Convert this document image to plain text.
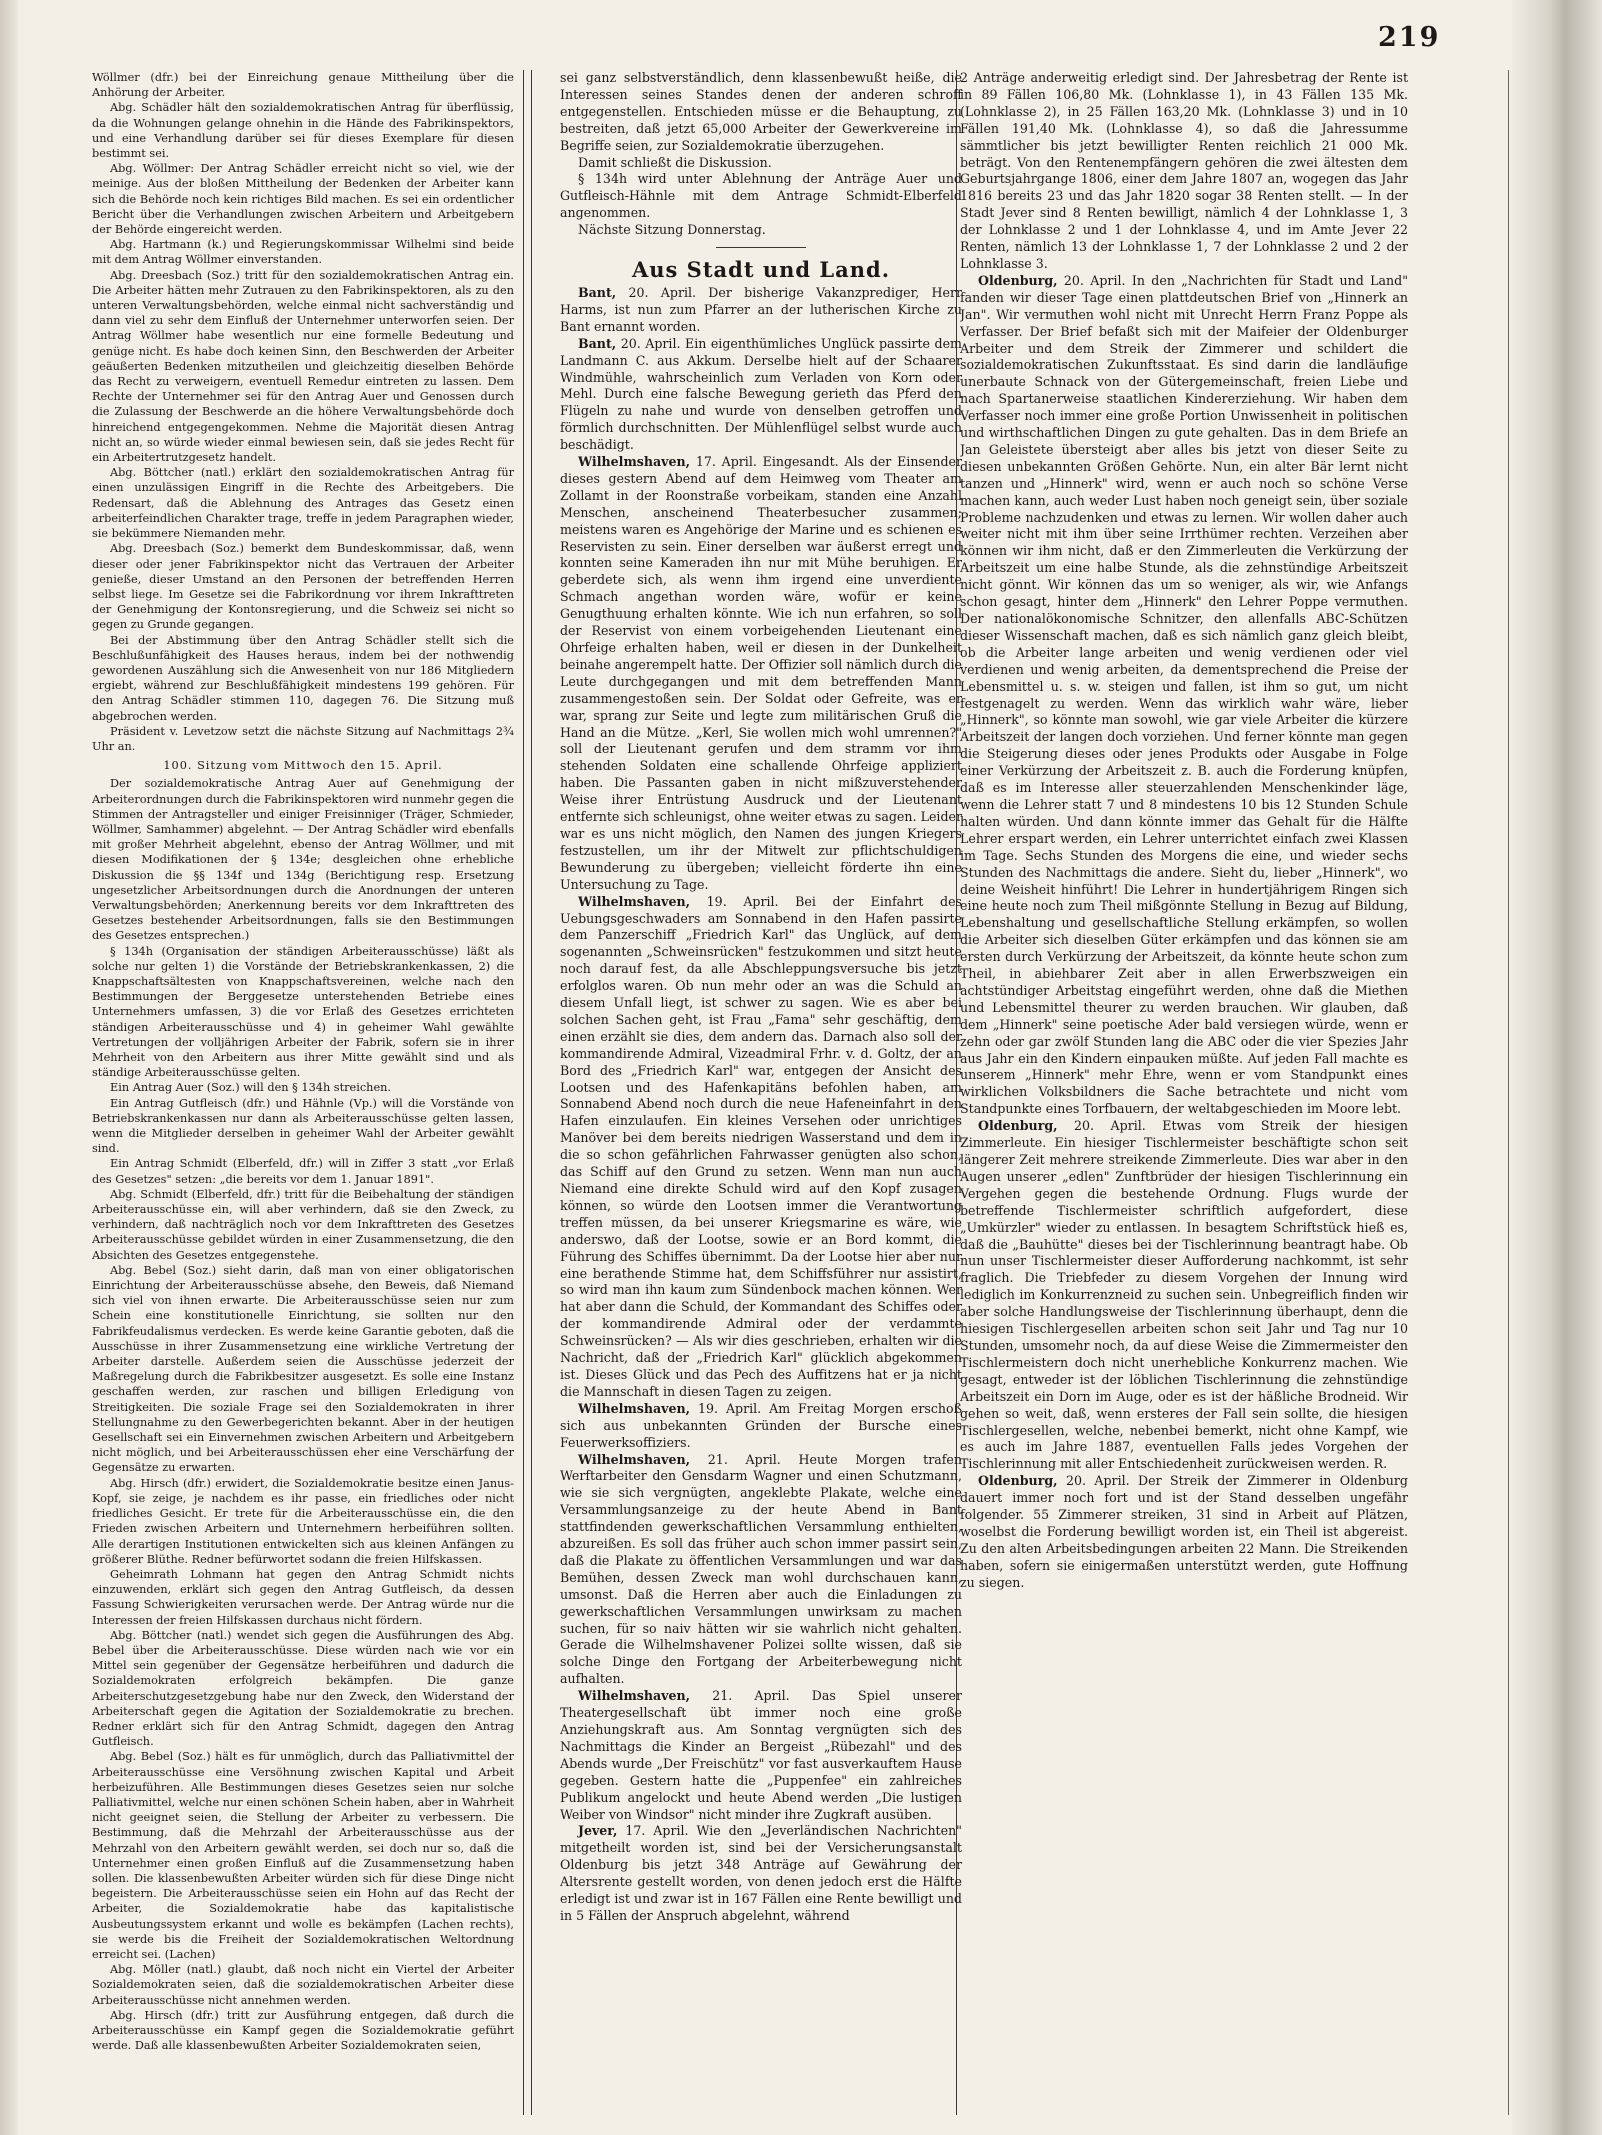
219

Wöllmer (dfr.) bei der Einreichung genaue Mittheilung über die Anhörung der Arbeiter.

Abg. Schädler hält den sozialdemokratischen Antrag für überflüssig, da die Wohnungen gelange ohnehin in die Hände des Fabrikinspektors, und eine Verhandlung darüber sei für dieses Exemplare für diesen bestimmt sei.

Abg. Wöllmer: Der Antrag Schädler erreicht nicht so viel, wie der meinige. Aus der bloßen Mittheilung der Bedenken der Arbeiter kann sich die Behörde noch kein richtiges Bild machen. Es sei ein ordentlicher Bericht über die Verhandlungen zwischen Arbeitern und Arbeitgebern der Behörde eingereicht werden.

Abg. Hartmann (k.) und Regierungskommissar Wilhelmi sind beide mit dem Antrag Wöllmer einverstanden.

Abg. Dreesbach (Soz.) tritt für den sozialdemokratischen Antrag ein. Die Arbeiter hätten mehr Zutrauen zu den Fabrikinspektoren, als zu den unteren Verwaltungsbehörden, welche einmal nicht sachverständig und dann viel zu sehr dem Einfluß der Unternehmer unterworfen seien. Der Antrag Wöllmer habe wesentlich nur eine formelle Bedeutung und genüge nicht. Es habe doch keinen Sinn, den Beschwerden der Arbeiter geäußerten Bedenken mitzutheilen und gleichzeitig dieselben Behörde das Recht zu verweigern, eventuell Remedur eintreten zu lassen. Dem Rechte der Unternehmer sei für den Antrag Auer und Genossen durch die Zulassung der Beschwerde an die höhere Verwaltungsbehörde doch hinreichend entgegengekommen. Nehme die Majorität diesen Antrag nicht an, so würde wieder einmal bewiesen sein, daß sie jedes Recht für ein Arbeitertrutzgesetz handelt.

Abg. Böttcher (natl.) erklärt den sozialdemokratischen Antrag für einen unzulässigen Eingriff in die Rechte des Arbeitgebers. Die Redensart, daß die Ablehnung des Antrages das Gesetz einen arbeiterfeindlichen Charakter trage, treffe in jedem Paragraphen wieder, sie bekümmere Niemanden mehr.

Abg. Dreesbach (Soz.) bemerkt dem Bundeskommissar, daß, wenn dieser oder jener Fabrikinspektor nicht das Vertrauen der Arbeiter genieße, dieser Umstand an den Personen der betreffenden Herren selbst liege. Im Gesetze sei die Fabrikordnung vor ihrem Inkrafttreten der Genehmigung der Kontonsregierung, und die Schweiz sei nicht so gegen zu Grunde gegangen.

Bei der Abstimmung über den Antrag Schädler stellt sich die Beschlußunfähigkeit des Hauses heraus, indem bei der nothwendig gewordenen Auszählung sich die Anwesenheit von nur 186 Mitgliedern ergiebt, während zur Beschlußfähigkeit mindestens 199 gehören. Für den Antrag Schädler stimmen 110, dagegen 76. Die Sitzung muß abgebrochen werden.

Präsident v. Levetzow setzt die nächste Sitzung auf Nachmittags 2¾ Uhr an.

100. Sitzung vom Mittwoch den 15. April.

Der sozialdemokratische Antrag Auer auf Genehmigung der Arbeiterordnungen durch die Fabrikinspektoren wird nunmehr gegen die Stimmen der Antragsteller und einiger Freisinniger (Träger, Schmieder, Wöllmer, Samhammer) abgelehnt. — Der Antrag Schädler wird ebenfalls mit großer Mehrheit abgelehnt, ebenso der Antrag Wöllmer, und mit diesen Modifikationen der § 134e; desgleichen ohne erhebliche Diskussion die §§ 134f und 134g (Berichtigung resp. Ersetzung ungesetzlicher Arbeitsordnungen durch die Anordnungen der unteren Verwaltungsbehörden; Anerkennung bereits vor dem Inkrafttreten des Gesetzes bestehender Arbeitsordnungen, falls sie den Bestimmungen des Gesetzes entsprechen.)

§ 134h (Organisation der ständigen Arbeiterausschüsse) läßt als solche nur gelten 1) die Vorstände der Betriebskrankenkassen, 2) die Knappschaftsältesten von Knappschaftsvereinen, welche nach den Bestimmungen der Berggesetze unterstehenden Betriebe eines Unternehmers umfassen, 3) die vor Erlaß des Gesetzes errichteten ständigen Arbeiterausschüsse und 4) in geheimer Wahl gewählte Vertretungen der volljährigen Arbeiter der Fabrik, sofern sie in ihrer Mehrheit von den Arbeitern aus ihrer Mitte gewählt sind und als ständige Arbeiterausschüsse gelten.

Ein Antrag Auer (Soz.) will den § 134h streichen.

Ein Antrag Gutfleisch (dfr.) und Hähnle (Vp.) will die Vorstände von Betriebskrankenkassen nur dann als Arbeiterausschüsse gelten lassen, wenn die Mitglieder derselben in geheimer Wahl der Arbeiter gewählt sind.

Ein Antrag Schmidt (Elberfeld, dfr.) will in Ziffer 3 statt „vor Erlaß des Gesetzes" setzen: „die bereits vor dem 1. Januar 1891".

Abg. Schmidt (Elberfeld, dfr.) tritt für die Beibehaltung der ständigen Arbeiterausschüsse ein, will aber verhindern, daß sie den Zweck, zu verhindern, daß nachträglich noch vor dem Inkrafttreten des Gesetzes Arbeiterausschüsse gebildet würden in einer Zusammensetzung, die den Absichten des Gesetzes entgegenstehe.

Abg. Bebel (Soz.) sieht darin, daß man von einer obligatorischen Einrichtung der Arbeiterausschüsse absehe, den Beweis, daß Niemand sich viel von ihnen erwarte. Die Arbeiterausschüsse seien nur zum Schein eine konstitutionelle Einrichtung, sie sollten nur den Fabrikfeudalismus verdecken. Es werde keine Garantie geboten, daß die Ausschüsse in ihrer Zusammensetzung eine wirkliche Vertretung der Arbeiter darstelle. Außerdem seien die Ausschüsse jederzeit der Maßregelung durch die Fabrikbesitzer ausgesetzt. Es solle eine Instanz geschaffen werden, zur raschen und billigen Erledigung von Streitigkeiten. Die soziale Frage sei den Sozialdemokraten in ihrer Stellungnahme zu den Gewerbegerichten bekannt. Aber in der heutigen Gesellschaft sei ein Einvernehmen zwischen Arbeitern und Arbeitgebern nicht möglich, und bei Arbeiterausschüssen eher eine Verschärfung der Gegensätze zu erwarten.

Abg. Hirsch (dfr.) erwidert, die Sozialdemokratie besitze einen Janus-Kopf, sie zeige, je nachdem es ihr passe, ein friedliches oder nicht friedliches Gesicht. Er trete für die Arbeiterausschüsse ein, die den Frieden zwischen Arbeitern und Unternehmern herbeiführen sollten. Alle derartigen Institutionen entwickelten sich aus kleinen Anfängen zu größerer Blüthe. Redner befürwortet sodann die freien Hilfskassen.

Geheimrath Lohmann hat gegen den Antrag Schmidt nichts einzuwenden, erklärt sich gegen den Antrag Gutfleisch, da dessen Fassung Schwierigkeiten verursachen werde. Der Antrag würde nur die Interessen der freien Hilfskassen durchaus nicht fördern.

Abg. Böttcher (natl.) wendet sich gegen die Ausführungen des Abg. Bebel über die Arbeiterausschüsse. Diese würden nach wie vor ein Mittel sein gegenüber der Gegensätze herbeiführen und dadurch die Sozialdemokraten erfolgreich bekämpfen. Die ganze Arbeiterschutzgesetzgebung habe nur den Zweck, den Widerstand der Arbeiterschaft gegen die Agitation der Sozialdemokratie zu brechen. Redner erklärt sich für den Antrag Schmidt, dagegen den Antrag Gutfleisch.

Abg. Bebel (Soz.) hält es für unmöglich, durch das Palliativmittel der Arbeiterausschüsse eine Versöhnung zwischen Kapital und Arbeit herbeizuführen. Alle Bestimmungen dieses Gesetzes seien nur solche Palliativmittel, welche nur einen schönen Schein haben, aber in Wahrheit nicht geeignet seien, die Stellung der Arbeiter zu verbessern. Die Bestimmung, daß die Mehrzahl der Arbeiterausschüsse aus der Mehrzahl von den Arbeitern gewählt werden, sei doch nur so, daß die Unternehmer einen großen Einfluß auf die Zusammensetzung haben sollen. Die klassenbewußten Arbeiter würden sich für diese Dinge nicht begeistern. Die Arbeiterausschüsse seien ein Hohn auf das Recht der Arbeiter, die Sozialdemokratie habe das kapitalistische Ausbeutungssystem erkannt und wolle es bekämpfen (Lachen rechts), sie werde bis die Freiheit der Sozialdemokratischen Weltordnung erreicht sei. (Lachen)

Abg. Möller (natl.) glaubt, daß noch nicht ein Viertel der Arbeiter Sozialdemokraten seien, daß die sozialdemokratischen Arbeiter diese Arbeiterausschüsse nicht annehmen werden.

Abg. Hirsch (dfr.) tritt zur Ausführung entgegen, daß durch die Arbeiterausschüsse ein Kampf gegen die Sozialdemokratie geführt werde. Daß alle klassenbewußten Arbeiter Sozialdemokraten seien,

sei ganz selbstverständlich, denn klassenbewußt heiße, die Interessen seines Standes denen der anderen schroff entgegenstellen. Entschieden müsse er die Behauptung, zu bestreiten, daß jetzt 65,000 Arbeiter der Gewerkvereine im Begriffe seien, zur Sozialdemokratie überzugehen.

Damit schließt die Diskussion.

§ 134h wird unter Ablehnung der Anträge Auer und Gutfleisch-Hähnle mit dem Antrage Schmidt-Elberfeld angenommen.

Nächste Sitzung Donnerstag.

Aus Stadt und Land.

Bant, 20. April. Der bisherige Vakanzprediger, Herr Harms, ist nun zum Pfarrer an der lutherischen Kirche zu Bant ernannt worden.

Bant, 20. April. Ein eigenthümliches Unglück passirte dem Landmann C. aus Akkum. Derselbe hielt auf der Schaarer Windmühle, wahrscheinlich zum Verladen von Korn oder Mehl. Durch eine falsche Bewegung gerieth das Pferd den Flügeln zu nahe und wurde von denselben getroffen und förmlich durchschnitten. Der Mühlenflügel selbst wurde auch beschädigt.

Wilhelmshaven, 17. April. Eingesandt. Als der Einsender dieses gestern Abend auf dem Heimweg vom Theater am Zollamt in der Roonstraße vorbeikam, standen eine Anzahl Menschen, anscheinend Theaterbesucher zusammen; meistens waren es Angehörige der Marine und es schienen es Reservisten zu sein. Einer derselben war äußerst erregt und konnten seine Kameraden ihn nur mit Mühe beruhigen. Er geberdete sich, als wenn ihm irgend eine unverdiente Schmach angethan worden wäre, wofür er keine Genugthuung erhalten könnte. Wie ich nun erfahren, so soll der Reservist von einem vorbeigehenden Lieutenant eine Ohrfeige erhalten haben, weil er diesen in der Dunkelheit beinahe angerempelt hatte. Der Offizier soll nämlich durch die Leute durchgegangen und mit dem betreffenden Mann zusammengestoßen sein. Der Soldat oder Gefreite, was er war, sprang zur Seite und legte zum militärischen Gruß die Hand an die Mütze. „Kerl, Sie wollen mich wohl umrennen?" soll der Lieutenant gerufen und dem stramm vor ihm stehenden Soldaten eine schallende Ohrfeige appliziert haben. Die Passanten gaben in nicht mißzuverstehender Weise ihrer Entrüstung Ausdruck und der Lieutenant entfernte sich schleunigst, ohne weiter etwas zu sagen. Leider war es uns nicht möglich, den Namen des jungen Kriegers festzustellen, um ihr der Mitwelt zur pflichtschuldigen Bewunderung zu übergeben; vielleicht förderte ihn eine Untersuchung zu Tage.

Wilhelmshaven, 19. April. Bei der Einfahrt des Uebungsgeschwaders am Sonnabend in den Hafen passirte dem Panzerschiff „Friedrich Karl" das Unglück, auf dem sogenannten „Schweinsrücken" festzukommen und sitzt heute noch darauf fest, da alle Abschleppungsversuche bis jetzt erfolglos waren. Ob nun mehr oder an was die Schuld an diesem Unfall liegt, ist schwer zu sagen. Wie es aber bei solchen Sachen geht, ist Frau „Fama" sehr geschäftig, dem einen erzählt sie dies, dem andern das. Darnach also soll der kommandirende Admiral, Vizeadmiral Frhr. v. d. Goltz, der an Bord des „Friedrich Karl" war, entgegen der Ansicht des Lootsen und des Hafenkapitäns befohlen haben, am Sonnabend Abend noch durch die neue Hafeneinfahrt in den Hafen einzulaufen. Ein kleines Versehen oder unrichtiges Manöver bei dem bereits niedrigen Wasserstand und dem in die so schon gefährlichen Fahrwasser genügten also schon, das Schiff auf den Grund zu setzen. Wenn man nun auch Niemand eine direkte Schuld wird auf den Kopf zusagen können, so würde den Lootsen immer die Verantwortung treffen müssen, da bei unserer Kriegsmarine es wäre, wie anderswo, daß der Lootse, sowie er an Bord kommt, die Führung des Schiffes übernimmt. Da der Lootse hier aber nur eine berathende Stimme hat, dem Schiffsführer nur assistirt, so wird man ihn kaum zum Sündenbock machen können. Wer hat aber dann die Schuld, der Kommandant des Schiffes oder der kommandirende Admiral oder der verdammte Schweinsrücken? — Als wir dies geschrieben, erhalten wir die Nachricht, daß der „Friedrich Karl" glücklich abgekommen ist. Dieses Glück und das Pech des Auffitzens hat er ja nicht die Mannschaft in diesen Tagen zu zeigen.

Wilhelmshaven, 19. April. Am Freitag Morgen erschoß sich aus unbekannten Gründen der Bursche eines Feuerwerksoffiziers.

Wilhelmshaven, 21. April. Heute Morgen trafen Werftarbeiter den Gensdarm Wagner und einen Schutzmann, wie sie sich vergnügten, angeklebte Plakate, welche eine Versammlungsanzeige zu der heute Abend in Bant stattfindenden gewerkschaftlichen Versammlung enthielten, abzureißen. Es soll das früher auch schon immer passirt sein, daß die Plakate zu öffentlichen Versammlungen und war das Bemühen, dessen Zweck man wohl durchschauen kann, umsonst. Daß die Herren aber auch die Einladungen zu gewerkschaftlichen Versammlungen unwirksam zu machen suchen, für so naiv hätten wir sie wahrlich nicht gehalten. Gerade die Wilhelmshavener Polizei sollte wissen, daß sie solche Dinge den Fortgang der Arbeiterbewegung nicht aufhalten.

Wilhelmshaven, 21. April. Das Spiel unserer Theatergesellschaft übt immer noch eine große Anziehungskraft aus. Am Sonntag vergnügten sich des Nachmittags die Kinder an Bergeist „Rübezahl" und des Abends wurde „Der Freischütz" vor fast ausverkauftem Hause gegeben. Gestern hatte die „Puppenfee" ein zahlreiches Publikum angelockt und heute Abend werden „Die lustigen Weiber von Windsor" nicht minder ihre Zugkraft ausüben.

Jever, 17. April. Wie den „Jeverländischen Nachrichten" mitgetheilt worden ist, sind bei der Versicherungsanstalt Oldenburg bis jetzt 348 Anträge auf Gewährung der Altersrente gestellt worden, von denen jedoch erst die Hälfte erledigt ist und zwar ist in 167 Fällen eine Rente bewilligt und in 5 Fällen der Anspruch abgelehnt, während

2 Anträge anderweitig erledigt sind. Der Jahresbetrag der Rente ist in 89 Fällen 106,80 Mk. (Lohnklasse 1), in 43 Fällen 135 Mk. (Lohnklasse 2), in 25 Fällen 163,20 Mk. (Lohnklasse 3) und in 10 Fällen 191,40 Mk. (Lohnklasse 4), so daß die Jahressumme sämmtlicher bis jetzt bewilligter Renten reichlich 21 000 Mk. beträgt. Von den Rentenempfängern gehören die zwei ältesten dem Geburtsjahrgange 1806, einer dem Jahre 1807 an, wogegen das Jahr 1816 bereits 23 und das Jahr 1820 sogar 38 Renten stellt. — In der Stadt Jever sind 8 Renten bewilligt, nämlich 4 der Lohnklasse 1, 3 der Lohnklasse 2 und 1 der Lohnklasse 4, und im Amte Jever 22 Renten, nämlich 13 der Lohnklasse 1, 7 der Lohnklasse 2 und 2 der Lohnklasse 3.

Oldenburg, 20. April. In den „Nachrichten für Stadt und Land" fanden wir dieser Tage einen plattdeutschen Brief von „Hinnerk an Jan". Wir vermuthen wohl nicht mit Unrecht Herrn Franz Poppe als Verfasser. Der Brief befaßt sich mit der Maifeier der Oldenburger Arbeiter und dem Streik der Zimmerer und schildert die sozialdemokratischen Zukunftsstaat. Es sind darin die landläufige unerbaute Schnack von der Gütergemeinschaft, freien Liebe und nach Spartanerweise staatlichen Kindererziehung. Wir haben dem Verfasser noch immer eine große Portion Unwissenheit in politischen und wirthschaftlichen Dingen zu gute gehalten. Das in dem Briefe an Jan Geleistete übersteigt aber alles bis jetzt von dieser Seite zu diesen unbekannten Größen Gehörte. Nun, ein alter Bär lernt nicht tanzen und „Hinnerk" wird, wenn er auch noch so schöne Verse machen kann, auch weder Lust haben noch geneigt sein, über soziale Probleme nachzudenken und etwas zu lernen. Wir wollen daher auch weiter nicht mit ihm über seine Irrthümer rechten. Verzeihen aber können wir ihm nicht, daß er den Zimmerleuten die Verkürzung der Arbeitszeit um eine halbe Stunde, als die zehnstündige Arbeitszeit nicht gönnt. Wir können das um so weniger, als wir, wie Anfangs schon gesagt, hinter dem „Hinnerk" den Lehrer Poppe vermuthen. Der nationalökonomische Schnitzer, den allenfalls ABC-Schützen dieser Wissenschaft machen, daß es sich nämlich ganz gleich bleibt, ob die Arbeiter lange arbeiten und wenig verdienen oder viel verdienen und wenig arbeiten, da dementsprechend die Preise der Lebensmittel u. s. w. steigen und fallen, ist ihm so gut, um nicht festgenagelt zu werden. Wenn das wirklich wahr wäre, lieber „Hinnerk", so könnte man sowohl, wie gar viele Arbeiter die kürzere Arbeitszeit der langen doch vorziehen. Und ferner könnte man gegen die Steigerung dieses oder jenes Produkts oder Ausgabe in Folge einer Verkürzung der Arbeitszeit z. B. auch die Forderung knüpfen, daß es im Interesse aller steuerzahlenden Menschenkinder läge, wenn die Lehrer statt 7 und 8 mindestens 10 bis 12 Stunden Schule halten würden. Und dann könnte immer das Gehalt für die Hälfte Lehrer erspart werden, ein Lehrer unterrichtet einfach zwei Klassen im Tage. Sechs Stunden des Morgens die eine, und wieder sechs Stunden des Nachmittags die andere. Sieht du, lieber „Hinnerk", wo deine Weisheit hinführt! Die Lehrer in hundertjährigem Ringen sich eine heute noch zum Theil mißgönnte Stellung in Bezug auf Bildung, Lebenshaltung und gesellschaftliche Stellung erkämpfen, so wollen die Arbeiter sich dieselben Güter erkämpfen und das können sie am ersten durch Verkürzung der Arbeitszeit, da könnte heute schon zum Theil, in abiehbarer Zeit aber in allen Erwerbszweigen ein achtstündiger Arbeitstag eingeführt werden, ohne daß die Miethen und Lebensmittel theurer zu werden brauchen. Wir glauben, daß dem „Hinnerk" seine poetische Ader bald versiegen würde, wenn er zehn oder gar zwölf Stunden lang die ABC oder die vier Spezies Jahr aus Jahr ein den Kindern einpauken müßte. Auf jeden Fall machte es unserem „Hinnerk" mehr Ehre, wenn er vom Standpunkt eines wirklichen Volksbildners die Sache betrachtete und nicht vom Standpunkte eines Torfbauern, der weltabgeschieden im Moore lebt.

Oldenburg, 20. April. Etwas vom Streik der hiesigen Zimmerleute. Ein hiesiger Tischlermeister beschäftigte schon seit längerer Zeit mehrere streikende Zimmerleute. Dies war aber in den Augen unserer „edlen" Zunftbrüder der hiesigen Tischlerinnung ein Vergehen gegen die bestehende Ordnung. Flugs wurde der betreffende Tischlermeister schriftlich aufgefordert, diese „Umkürzler" wieder zu entlassen. In besagtem Schriftstück hieß es, daß die „Bauhütte" dieses bei der Tischlerinnung beantragt habe. Ob nun unser Tischlermeister dieser Aufforderung nachkommt, ist sehr fraglich. Die Triebfeder zu diesem Vorgehen der Innung wird lediglich im Konkurrenzneid zu suchen sein. Unbegreiflich finden wir aber solche Handlungsweise der Tischlerinnung überhaupt, denn die hiesigen Tischlergesellen arbeiten schon seit Jahr und Tag nur 10 Stunden, umsomehr noch, da auf diese Weise die Zimmermeister den Tischlermeistern doch nicht unerhebliche Konkurrenz machen. Wie gesagt, entweder ist der löblichen Tischlerinnung die zehnstündige Arbeitszeit ein Dorn im Auge, oder es ist der häßliche Brodneid. Wir gehen so weit, daß, wenn ersteres der Fall sein sollte, die hiesigen Tischlergesellen, welche, nebenbei bemerkt, nicht ohne Kampf, wie es auch im Jahre 1887, eventuellen Falls jedes Vorgehen der Tischlerinnung mit aller Entschiedenheit zurückweisen werden. R.

Oldenburg, 20. April. Der Streik der Zimmerer in Oldenburg dauert immer noch fort und ist der Stand desselben ungefähr folgender. 55 Zimmerer streiken, 31 sind in Arbeit auf Plätzen, woselbst die Forderung bewilligt worden ist, ein Theil ist abgereist. Zu den alten Arbeitsbedingungen arbeiten 22 Mann. Die Streikenden haben, sofern sie einigermaßen unterstützt werden, gute Hoffnung zu siegen.
